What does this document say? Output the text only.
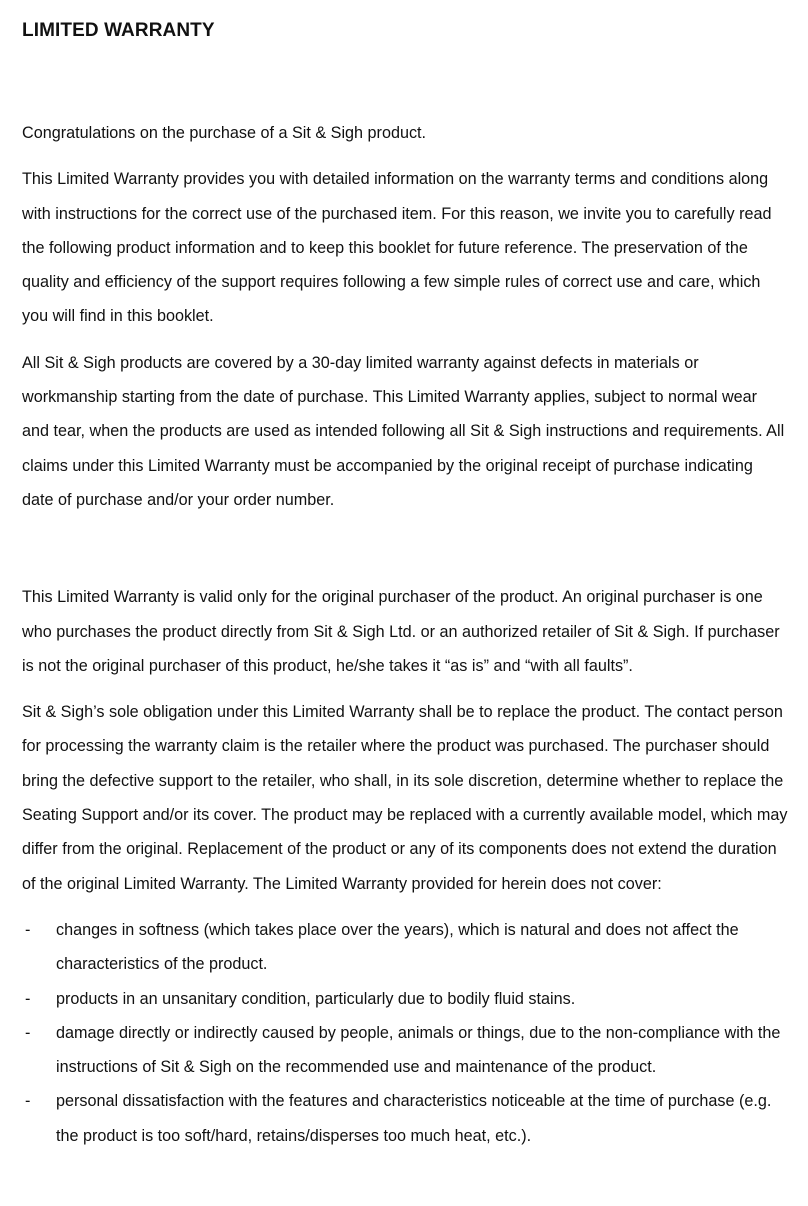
LIMITED WARRANTY

Congratulations on the purchase of a Sit & Sigh product.

This Limited Warranty provides you with detailed information on the warranty terms and conditions along with instructions for the correct use of the purchased item. For this reason, we invite you to carefully read the following product information and to keep this booklet for future reference. The preservation of the quality and efficiency of the support requires following a few simple rules of correct use and care, which you will find in this booklet.

All Sit & Sigh products are covered by a 30-day limited warranty against defects in materials or workmanship starting from the date of purchase. This Limited Warranty applies, subject to normal wear and tear, when the products are used as intended following all Sit & Sigh instructions and requirements. All claims under this Limited Warranty must be accompanied by the original receipt of purchase indicating date of purchase and/or your order number.

This Limited Warranty is valid only for the original purchaser of the product. An original purchaser is one who purchases the product directly from Sit & Sigh Ltd. or an authorized retailer of Sit & Sigh. If purchaser is not the original purchaser of this product, he/she takes it “as is” and “with all faults”.

Sit & Sigh’s sole obligation under this Limited Warranty shall be to replace the product. The contact person for processing the warranty claim is the retailer where the product was purchased. The purchaser should bring the defective support to the retailer, who shall, in its sole discretion, determine whether to replace the Seating Support and/or its cover. The product may be replaced with a currently available model, which may differ from the original. Replacement of the product or any of its components does not extend the duration of the original Limited Warranty. The Limited Warranty provided for herein does not cover:

- changes in softness (which takes place over the years), which is natural and does not affect the characteristics of the product.
- products in an unsanitary condition, particularly due to bodily fluid stains.
- damage directly or indirectly caused by people, animals or things, due to the non-compliance with the instructions of Sit & Sigh on the recommended use and maintenance of the product.
- personal dissatisfaction with the features and characteristics noticeable at the time of purchase (e.g. the product is too soft/hard, retains/disperses too much heat, etc.).
